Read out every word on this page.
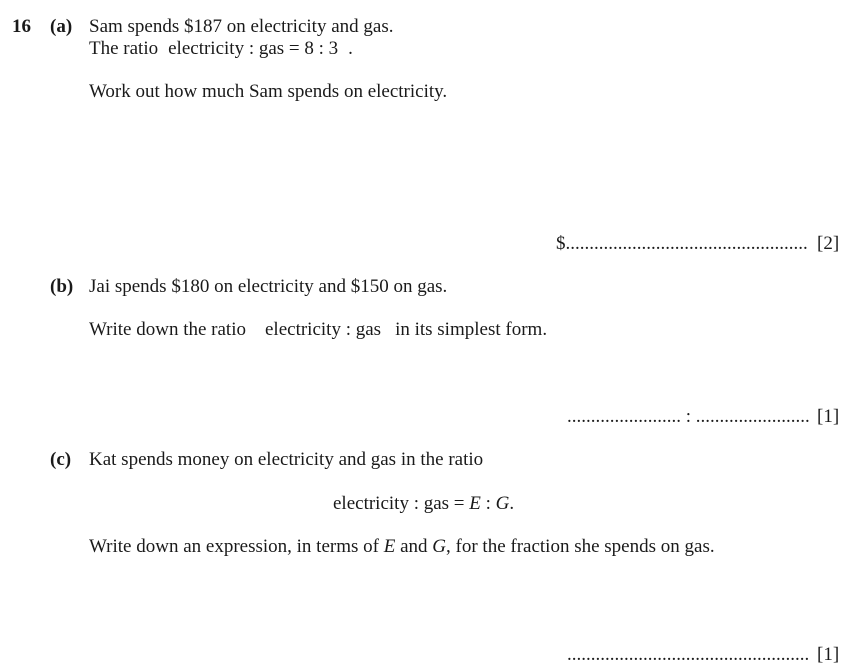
16 (a) Sam spends $187 on electricity and gas.
The ratio electricity : gas = 8 : 3 .
Work out how much Sam spends on electricity.
$................................................... [2]
(b) Jai spends $180 on electricity and $150 on gas.
Write down the ratio electricity : gas in its simplest form.
........................ : ........................ [1]
(c) Kat spends money on electricity and gas in the ratio
electricity : gas = E : G.
Write down an expression, in terms of E and G, for the fraction she spends on gas.
................................................... [1]
